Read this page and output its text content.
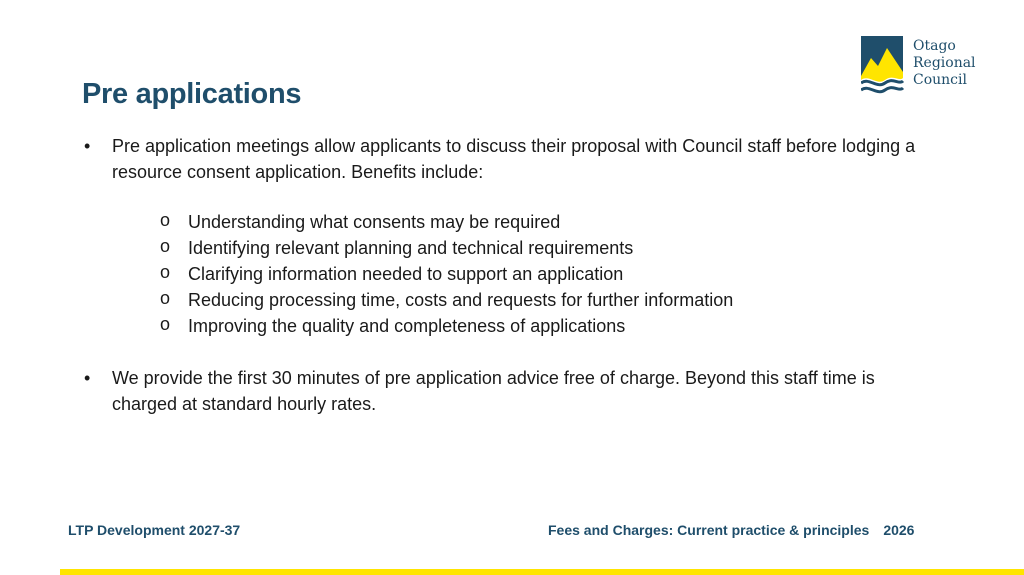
Pre applications
Otago
Regional
Council
• Pre application meetings allow applicants to discuss their proposal with Council staff before lodging a resource consent application. Benefits include:
o Understanding what consents may be required
o Identifying relevant planning and technical requirements
o Clarifying information needed to support an application
o Reducing processing time, costs and requests for further information
o Improving the quality and completeness of applications
• We provide the first 30 minutes of pre application advice free of charge. Beyond this staff time is charged at standard hourly rates.
LTP Development 2027-37	Fees and Charges: Current practice & principles 2026
